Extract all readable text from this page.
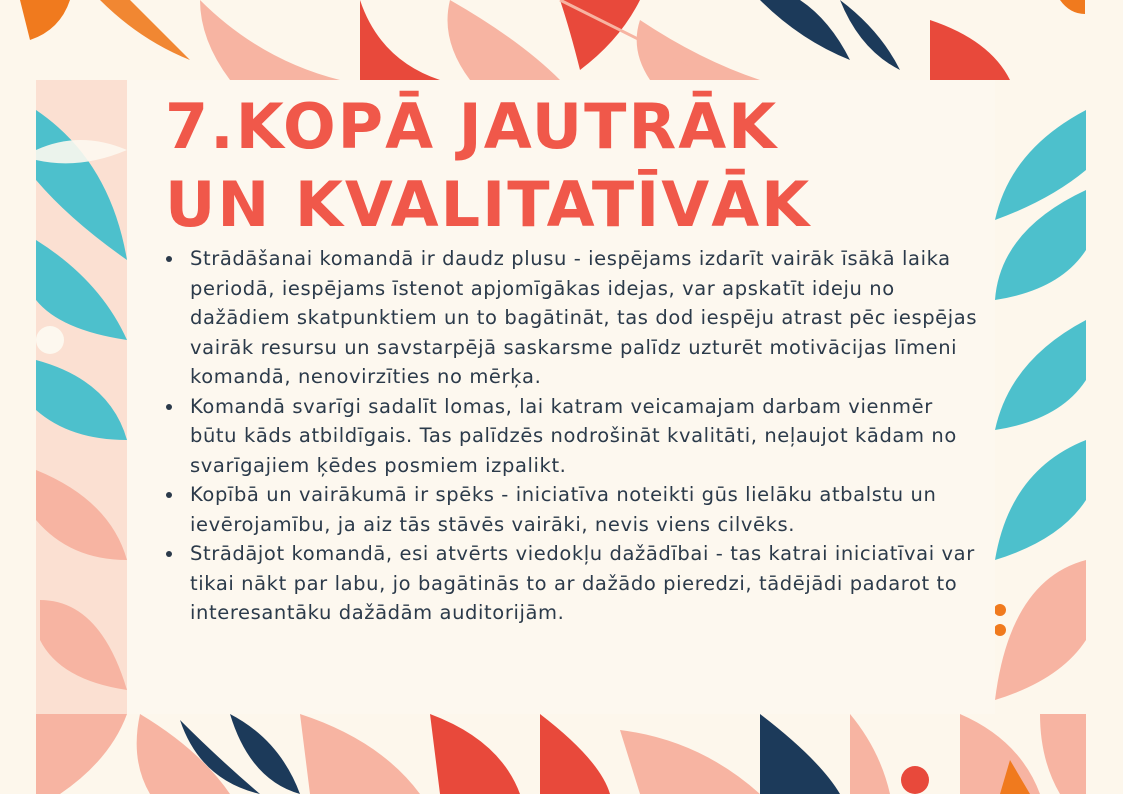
7.KOPĀ JAUTRĀK
UN KVALITATĪVĀK
Strādāšanai komandā ir daudz plusu - iespējams izdarīt vairāk īsākā laika periodā, iespējams īstenot apjomīgākas idejas, var apskatīt ideju no dažādiem skatpunktiem un to bagātināt, tas dod iespēju atrast pēc iespējas vairāk resursu un savstarpējā saskarsme palīdz uzturēt motivācijas līmeni komandā, nenovirzīties no mērķa.
Komandā svarīgi sadalīt lomas, lai katram veicamajam darbam vienmēr būtu kāds atbildīgais. Tas palīdzēs nodrošināt kvalitāti, neļaujot kādam no svarīgajiem ķēdes posmiem izpalikt.
Kopībā un vairākumā ir spēks - iniciatīva noteikti gūs lielāku atbalstu un ievērojamību, ja aiz tās stāvēs vairāki, nevis viens cilvēks.
Strādājot komandā, esi atvērts viedokļu dažādībai - tas katrai iniciatīvai var tikai nākt par labu, jo bagātinās to ar dažādo pieredzi, tādējādi padarot to interesantāku dažādām auditorijām.
